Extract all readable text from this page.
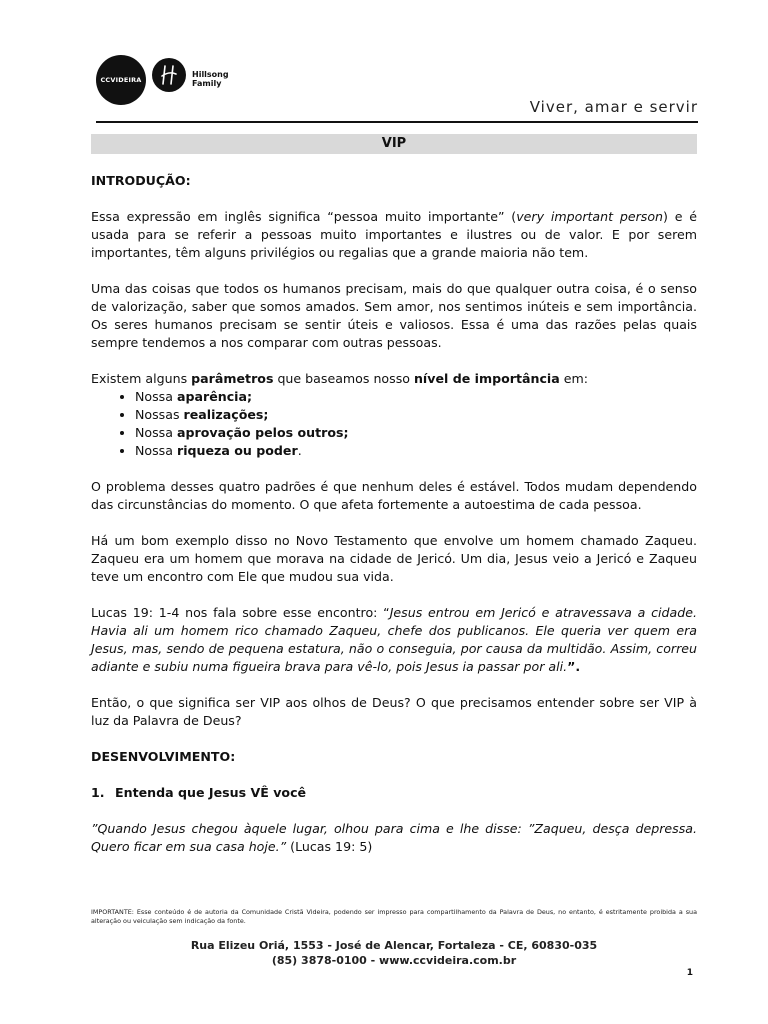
CCVIDEIRA
Hillsong
Family
Viver, amar e servir
VIP
INTRODUÇÃO:

Essa expressão em inglês significa “pessoa muito importante” (very important person) e é usada para se referir a pessoas muito importantes e ilustres ou de valor. E por serem importantes, têm alguns privilégios ou regalias que a grande maioria não tem.

Uma das coisas que todos os humanos precisam, mais do que qualquer outra coisa, é o senso de valorização, saber que somos amados. Sem amor, nos sentimos inúteis e sem importância. Os seres humanos precisam se sentir úteis e valiosos. Essa é uma das razões pelas quais sempre tendemos a nos comparar com outras pessoas.

Existem alguns parâmetros que baseamos nosso nível de importância em:
• Nossa aparência;
• Nossas realizações;
• Nossa aprovação pelos outros;
• Nossa riqueza ou poder.

O problema desses quatro padrões é que nenhum deles é estável. Todos mudam dependendo das circunstâncias do momento. O que afeta fortemente a autoestima de cada pessoa.

Há um bom exemplo disso no Novo Testamento que envolve um homem chamado Zaqueu. Zaqueu era um homem que morava na cidade de Jericó. Um dia, Jesus veio a Jericó e Zaqueu teve um encontro com Ele que mudou sua vida.

Lucas 19: 1-4 nos fala sobre esse encontro: “Jesus entrou em Jericó e atravessava a cidade. Havia ali um homem rico chamado Zaqueu, chefe dos publicanos. Ele queria ver quem era Jesus, mas, sendo de pequena estatura, não o conseguia, por causa da multidão. Assim, correu adiante e subiu numa figueira brava para vê-lo, pois Jesus ia passar por ali.”.

Então, o que significa ser VIP aos olhos de Deus? O que precisamos entender sobre ser VIP à luz da Palavra de Deus?

DESENVOLVIMENTO:
1. Entenda que Jesus VÊ você

”Quando Jesus chegou àquele lugar, olhou para cima e lhe disse: ”Zaqueu, desça depressa. Quero ficar em sua casa hoje.” (Lucas 19: 5)

IMPORTANTE: Esse conteúdo é de autoria da Comunidade Cristã Videira, podendo ser impresso para compartilhamento da Palavra de Deus, no entanto, é estritamente proibida a sua alteração ou veiculação sem indicação da fonte.
Rua Elizeu Oriá, 1553 - José de Alencar, Fortaleza - CE, 60830-035
(85) 3878-0100 - www.ccvideira.com.br
1
